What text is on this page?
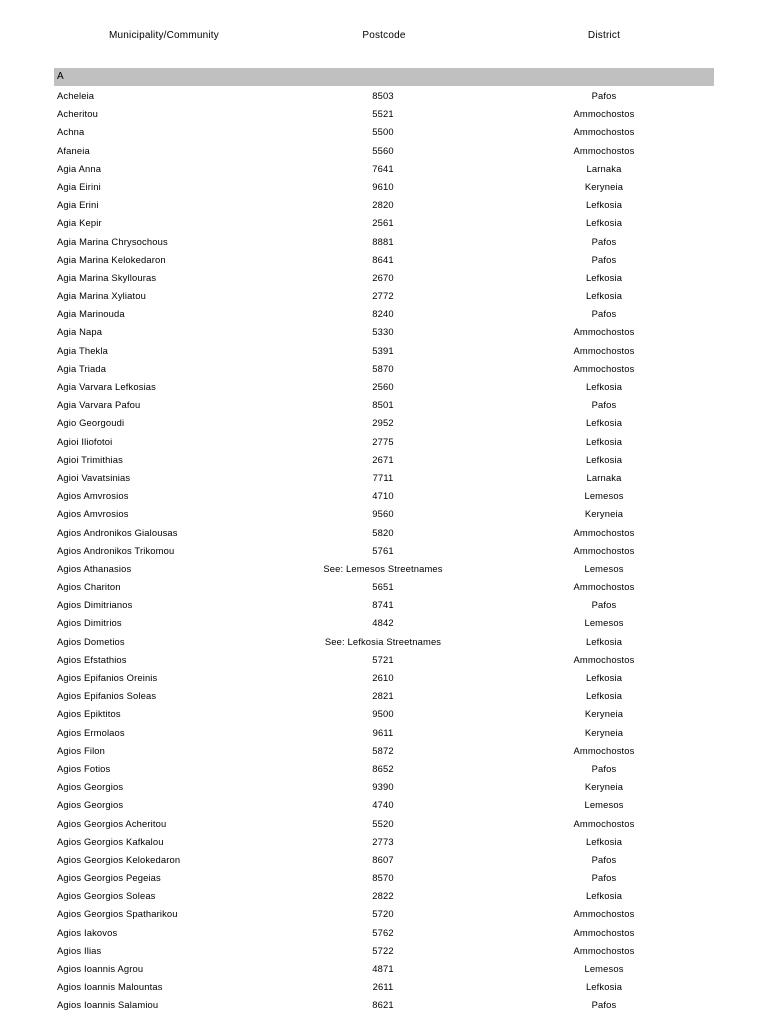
Municipality/Community	Postcode	District
A
Acheleia	8503	Pafos
Acheritou	5521	Ammochostos
Achna	5500	Ammochostos
Afaneia	5560	Ammochostos
Agia Anna	7641	Larnaka
Agia Eirini	9610	Keryneia
Agia Erini	2820	Lefkosia
Agia Kepir	2561	Lefkosia
Agia Marina Chrysochous	8881	Pafos
Agia Marina Kelokedaron	8641	Pafos
Agia Marina Skyllouras	2670	Lefkosia
Agia Marina Xyliatou	2772	Lefkosia
Agia Marinouda	8240	Pafos
Agia Napa	5330	Ammochostos
Agia Thekla	5391	Ammochostos
Agia Triada	5870	Ammochostos
Agia Varvara Lefkosias	2560	Lefkosia
Agia Varvara Pafou	8501	Pafos
Agio Georgoudi	2952	Lefkosia
Agioi Iliofotoi	2775	Lefkosia
Agioi Trimithias	2671	Lefkosia
Agioi Vavatsinias	7711	Larnaka
Agios Amvrosios	4710	Lemesos
Agios Amvrosios	9560	Keryneia
Agios Andronikos Gialousas	5820	Ammochostos
Agios Andronikos Trikomou	5761	Ammochostos
Agios Athanasios	See: Lemesos Streetnames	Lemesos
Agios Chariton	5651	Ammochostos
Agios Dimitrianos	8741	Pafos
Agios Dimitrios	4842	Lemesos
Agios Dometios	See: Lefkosia Streetnames	Lefkosia
Agios Efstathios	5721	Ammochostos
Agios Epifanios Oreinis	2610	Lefkosia
Agios Epifanios Soleas	2821	Lefkosia
Agios Epiktitos	9500	Keryneia
Agios Ermolaos	9611	Keryneia
Agios Filon	5872	Ammochostos
Agios Fotios	8652	Pafos
Agios Georgios	9390	Keryneia
Agios Georgios	4740	Lemesos
Agios Georgios Acheritou	5520	Ammochostos
Agios Georgios Kafkalou	2773	Lefkosia
Agios Georgios Kelokedaron	8607	Pafos
Agios Georgios Pegeias	8570	Pafos
Agios Georgios Soleas	2822	Lefkosia
Agios Georgios Spatharikou	5720	Ammochostos
Agios Iakovos	5762	Ammochostos
Agios Ilias	5722	Ammochostos
Agios Ioannis Agrou	4871	Lemesos
Agios Ioannis Malountas	2611	Lefkosia
Agios Ioannis Salamiou	8621	Pafos
